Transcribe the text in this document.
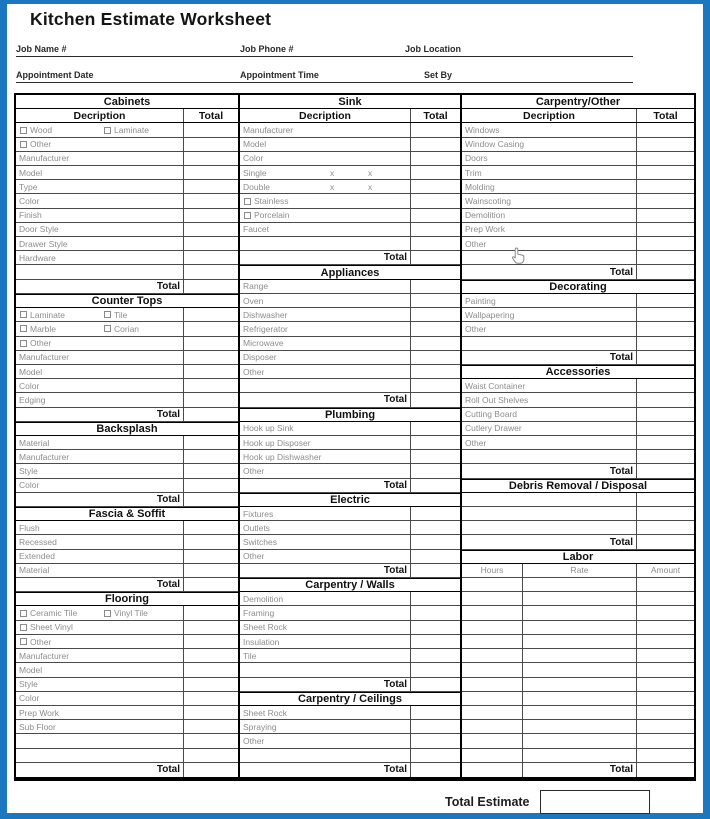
Kitchen Estimate Worksheet
Job Name #	Job Phone #	Job Location
Appointment Date	Appointment Time	Set By
Cabinets
Decription	Total
Wood	Laminate
Other
Manufacturer
Model
Type
Color
Finish
Door Style
Drawer Style
Hardware
Total
Counter Tops
Laminate	Tile
Marble	Corian
Other
Manufacturer
Model
Color
Edging
Total
Backsplash
Material
Manufacturer
Style
Color
Total
Fascia & Soffit
Flush
Recessed
Extended
Material
Total
Flooring
Ceramic Tile	Vinyl Tile
Sheet Vinyl
Other
Manufacturer
Model
Style
Color
Prep Work
Sub Floor
Total
Sink
Decription	Total
Manufacturer
Model
Color
Single	x	x
Double	x	x
Stainless
Porcelain
Faucet
Total
Appliances
Range
Oven
Dishwasher
Refrigerator
Microwave
Disposer
Other
Total
Plumbing
Hook up Sink
Hook up Disposer
Hook up Dishwasher
Other
Total
Electric
Fixtures
Outlets
Switches
Other
Total
Carpentry / Walls
Demolition
Framing
Sheet Rock
Insulation
Tile
Total
Carpentry / Ceilings
Sheet Rock
Spraying
Other
Total
Carpentry/Other
Decription	Total
Windows
Window Casing
Doors
Trim
Molding
Wainscoting
Demolition
Prep Work
Other
Total
Decorating
Painting
Wallpapering
Other
Total
Accessories
Waist Container
Roll Out Shelves
Cutting Board
Cutlery Drawer
Other
Total
Debris Removal / Disposal
Total
Labor
Hours	Rate	Amount
Total
Total Estimate
